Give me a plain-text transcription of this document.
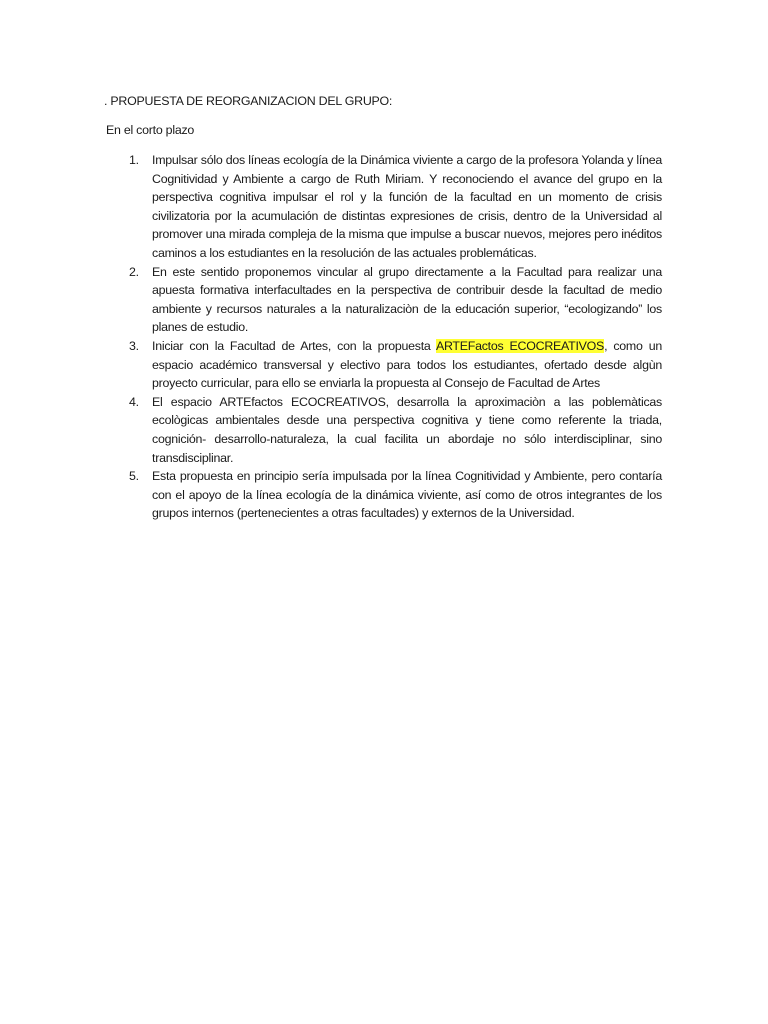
. PROPUESTA DE REORGANIZACION DEL GRUPO:

En el corto plazo

1. Impulsar sólo dos líneas ecología de la Dinámica viviente a cargo de la profesora Yolanda y línea Cognitividad y Ambiente a cargo de Ruth Miriam. Y reconociendo el avance del grupo en la perspectiva cognitiva impulsar el rol y la función de la facultad en un momento de crisis civilizatoria por la acumulación de distintas expresiones de crisis, dentro de la Universidad al promover una mirada compleja de la misma que impulse a buscar nuevos, mejores pero inéditos caminos a los estudiantes en la resolución de las actuales problemáticas.
2. En este sentido proponemos vincular al grupo directamente a la Facultad para realizar una apuesta formativa interfacultades en la perspectiva de contribuir desde la facultad de medio ambiente y recursos naturales a la naturalizaciòn de la educación superior, “ecologizando” los planes de estudio.
3. Iniciar con la Facultad de Artes, con la propuesta ARTEFactos ECOCREATIVOS, como un espacio académico transversal y electivo para todos los estudiantes, ofertado desde algùn proyecto curricular, para ello se enviarla la propuesta al Consejo de Facultad de Artes
4. El espacio ARTEfactos ECOCREATIVOS, desarrolla la aproximaciòn a las poblemàticas ecològicas ambientales desde una perspectiva cognitiva y tiene como referente la triada, cognición- desarrollo-naturaleza, la cual facilita un abordaje no sólo interdisciplinar, sino transdisciplinar.
5. Esta propuesta en principio sería impulsada por la línea Cognitividad y Ambiente, pero contaría con el apoyo de la línea ecología de la dinámica viviente, así como de otros integrantes de los grupos internos (pertenecientes a otras facultades) y externos de la Universidad.
